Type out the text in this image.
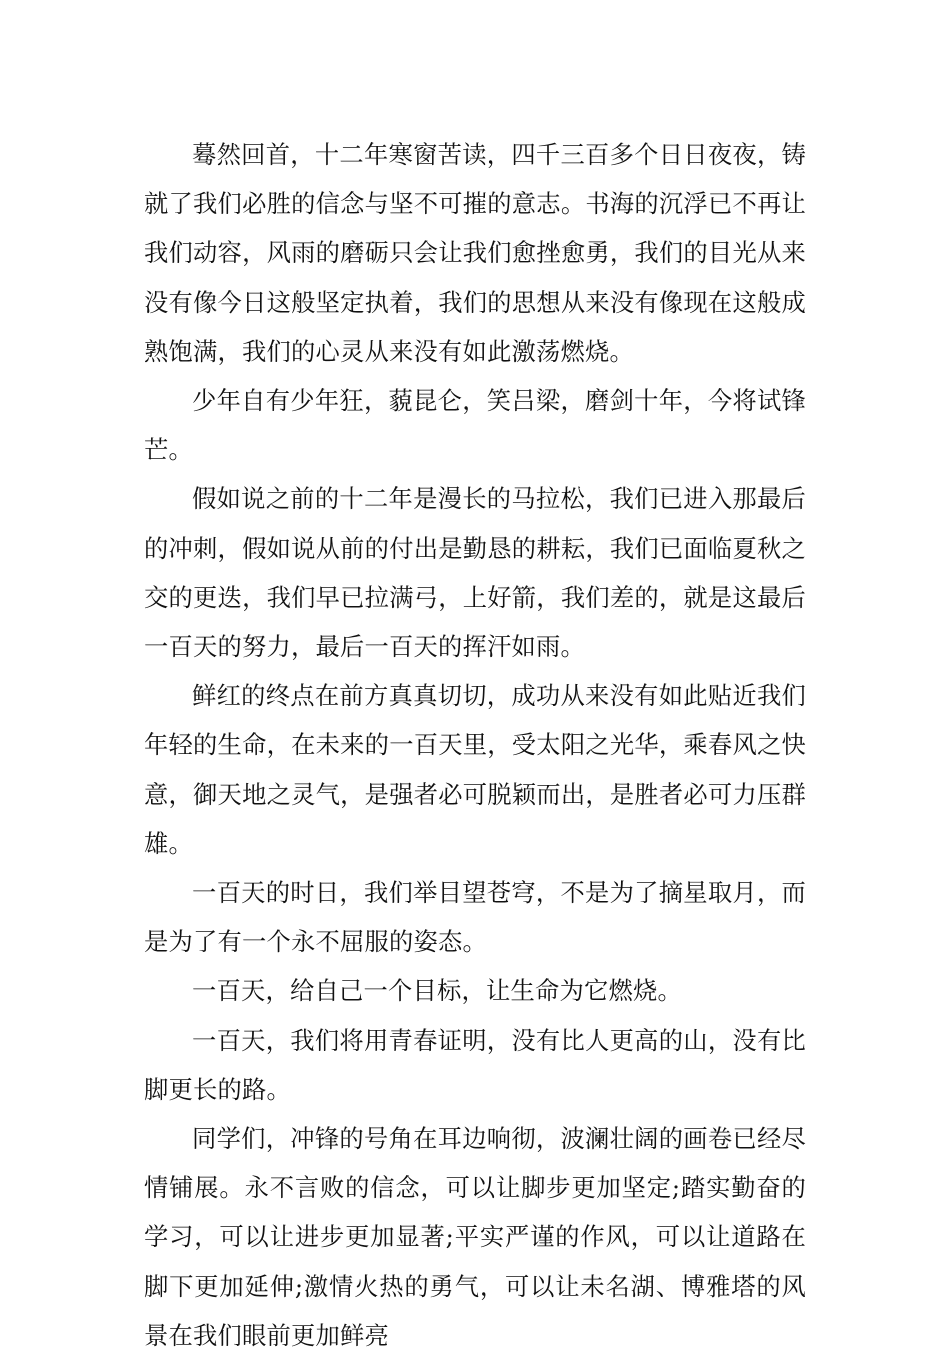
蓦然回首，十二年寒窗苦读，四千三百多个日日夜夜，铸就了我们必胜的信念与坚不可摧的意志。书海的沉浮已不再让我们动容，风雨的磨砺只会让我们愈挫愈勇，我们的目光从来没有像今日这般坚定执着，我们的思想从来没有像现在这般成熟饱满，我们的心灵从来没有如此激荡燃烧。

少年自有少年狂，藐昆仑，笑吕梁，磨剑十年，今将试锋芒。

假如说之前的十二年是漫长的马拉松，我们已进入那最后的冲刺，假如说从前的付出是勤恳的耕耘，我们已面临夏秋之交的更迭，我们早已拉满弓，上好箭，我们差的，就是这最后一百天的努力，最后一百天的挥汗如雨。

鲜红的终点在前方真真切切，成功从来没有如此贴近我们年轻的生命，在未来的一百天里，受太阳之光华，乘春风之快意，御天地之灵气，是强者必可脱颖而出，是胜者必可力压群雄。

一百天的时日，我们举目望苍穹，不是为了摘星取月，而是为了有一个永不屈服的姿态。

一百天，给自己一个目标，让生命为它燃烧。

一百天，我们将用青春证明，没有比人更高的山，没有比脚更长的路。

同学们，冲锋的号角在耳边响彻，波澜壮阔的画卷已经尽情铺展。永不言败的信念，可以让脚步更加坚定;踏实勤奋的学习，可以让进步更加显著;平实严谨的作风，可以让道路在脚下更加延伸;激情火热的勇气，可以让未名湖、博雅塔的风景在我们眼前更加鲜亮
